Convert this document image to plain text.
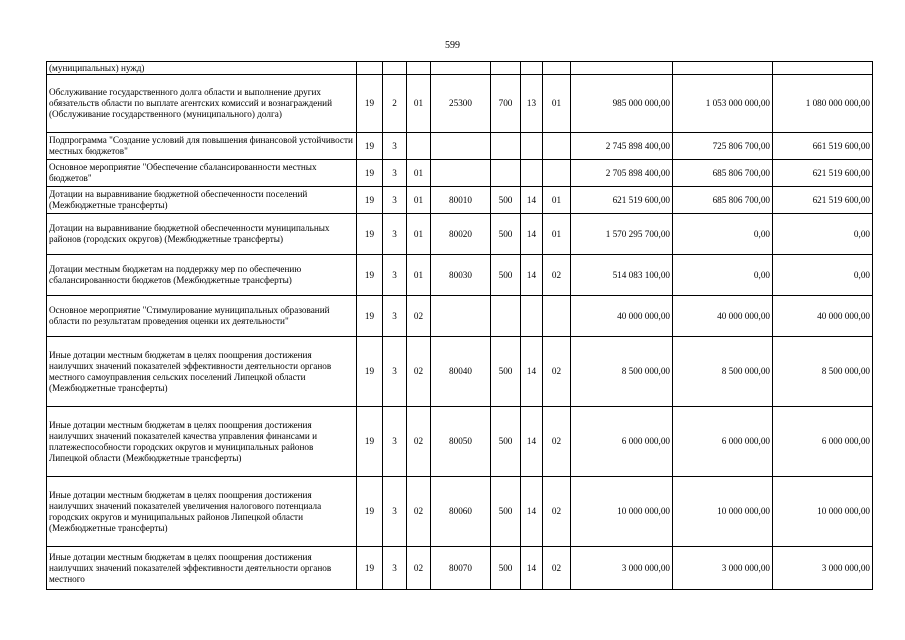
599
(муниципальных) нужд)										
Обслуживание государственного долга области и выполнение других обязательств области по выплате агентских комиссий и вознаграждений (Обслуживание государственного (муниципального) долга)	19	2	01	25300	700	13	01	985 000 000,00	1 053 000 000,00	1 080 000 000,00
Подпрограмма "Создание условий для повышения финансовой устойчивости местных бюджетов"	19	3						2 745 898 400,00	725 806 700,00	661 519 600,00
Основное мероприятие "Обеспечение сбалансированности местных бюджетов"	19	3	01					2 705 898 400,00	685 806 700,00	621 519 600,00
Дотации на выравнивание бюджетной обеспеченности поселений (Межбюджетные трансферты)	19	3	01	80010	500	14	01	621 519 600,00	685 806 700,00	621 519 600,00
Дотации на выравнивание бюджетной обеспеченности муниципальных районов (городских округов) (Межбюджетные трансферты)	19	3	01	80020	500	14	01	1 570 295 700,00	0,00	0,00
Дотации местным бюджетам на поддержку мер по обеспечению сбалансированности бюджетов (Межбюджетные трансферты)	19	3	01	80030	500	14	02	514 083 100,00	0,00	0,00
Основное мероприятие "Стимулирование муниципальных образований области по результатам проведения оценки их деятельности"	19	3	02					40 000 000,00	40 000 000,00	40 000 000,00
Иные дотации местным бюджетам в целях поощрения достижения наилучших значений показателей эффективности деятельности органов местного самоуправления сельских поселений Липецкой области (Межбюджетные трансферты)	19	3	02	80040	500	14	02	8 500 000,00	8 500 000,00	8 500 000,00
Иные дотации местным бюджетам в целях поощрения достижения наилучших значений показателей качества управления финансами и платежеспособности городских округов и муниципальных районов Липецкой области (Межбюджетные трансферты)	19	3	02	80050	500	14	02	6 000 000,00	6 000 000,00	6 000 000,00
Иные дотации местным бюджетам в целях поощрения достижения наилучших значений показателей увеличения налогового потенциала городских округов и муниципальных районов Липецкой области (Межбюджетные трансферты)	19	3	02	80060	500	14	02	10 000 000,00	10 000 000,00	10 000 000,00
Иные дотации местным бюджетам в целях поощрения достижения наилучших значений показателей эффективности деятельности органов местного	19	3	02	80070	500	14	02	3 000 000,00	3 000 000,00	3 000 000,00
